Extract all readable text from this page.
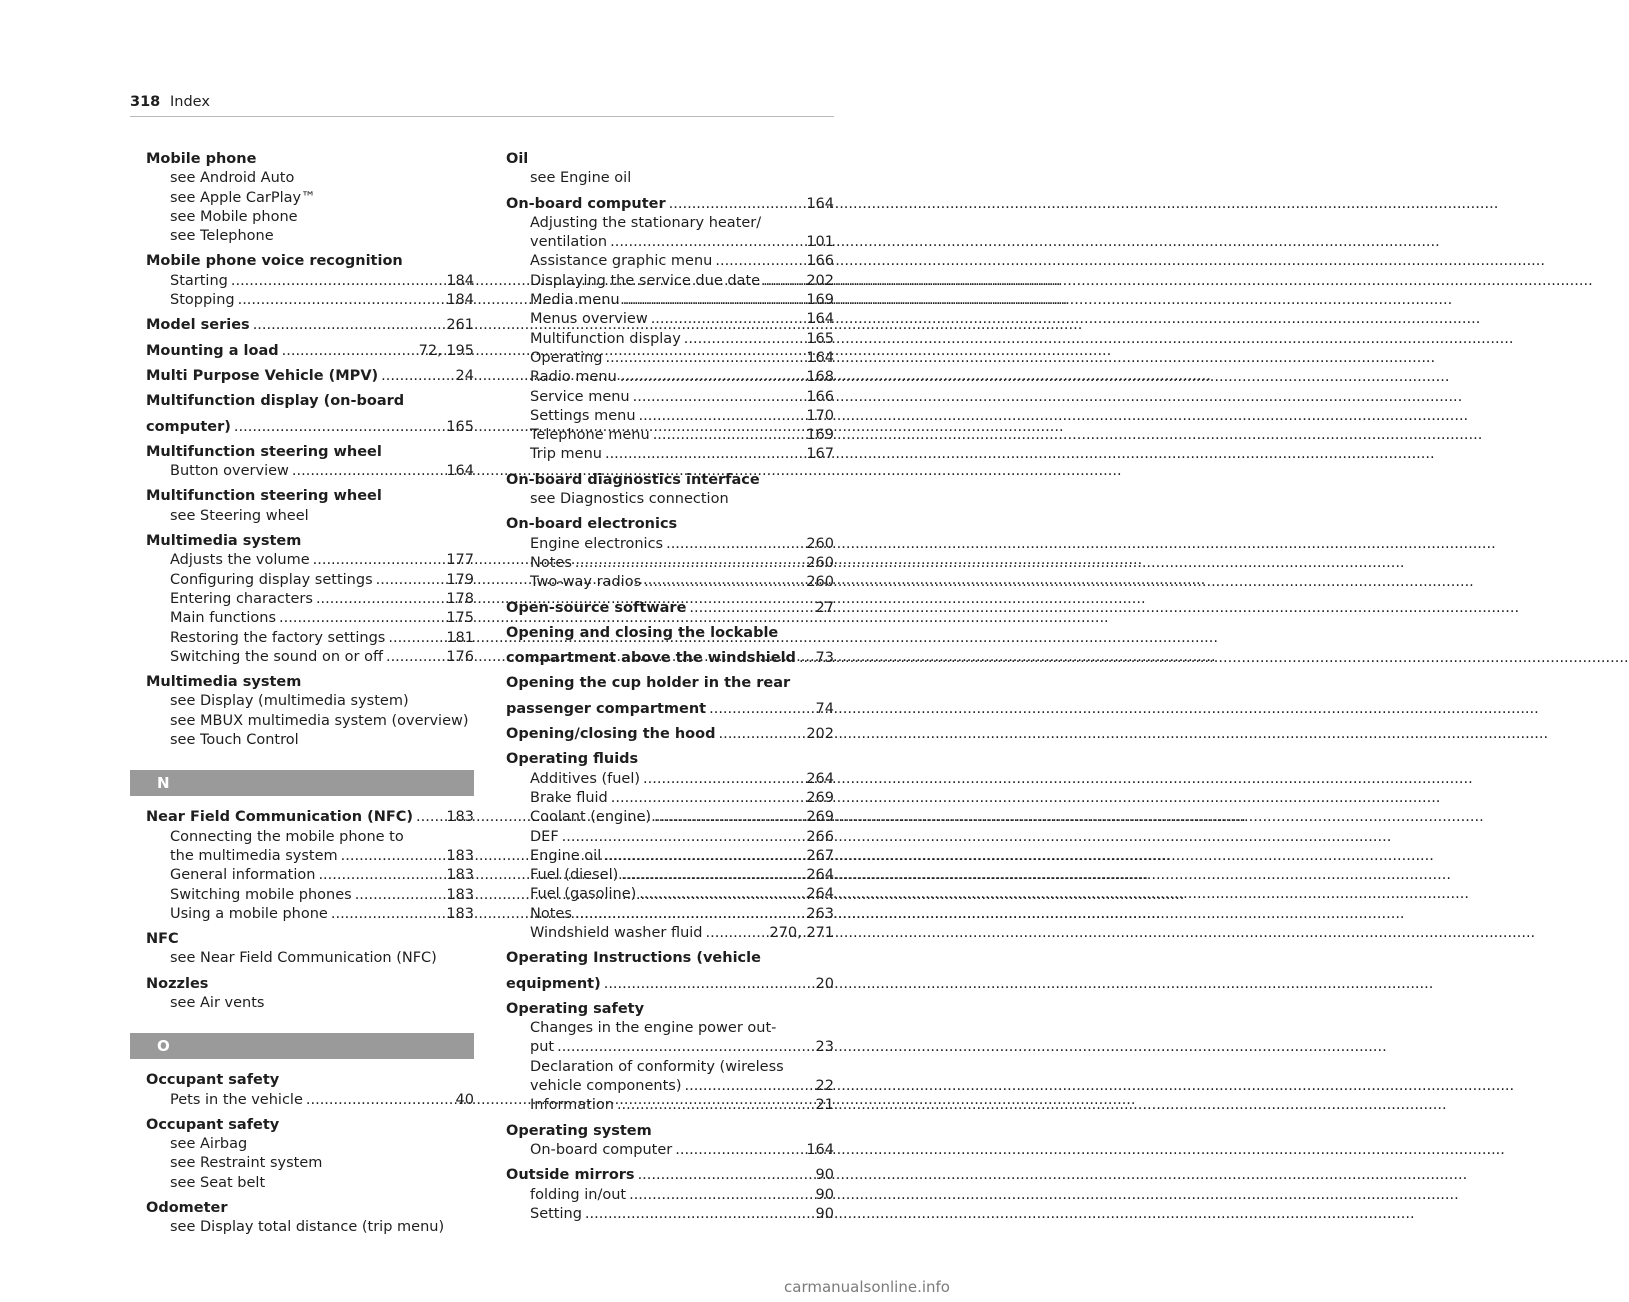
318 Index
Mobile phone
see Android Auto
see Apple CarPlay™
see Mobile phone
see Telephone
Mobile phone voice recognition
Starting .....	184
Stopping .....	184
Model series .....	261
Mounting a load .....	72, 195
Multi Purpose Vehicle (MPV) .....	24
Multifunction display (on-board
computer) .....	165
Multifunction steering wheel
Button overview .....	164
Multifunction steering wheel
see Steering wheel
Multimedia system
Adjusts the volume .....	177
Configuring display settings .....	179
Entering characters .....	178
Main functions .....	175
Restoring the factory settings .....	181
Switching the sound on or off .....	176
Multimedia system
see Display (multimedia system)
see MBUX multimedia system (overview)
see Touch Control
N
Near Field Communication (NFC) ..... 183
Connecting the mobile phone to
the multimedia system .....	183
General information .....	183
Switching mobile phones .....	183
Using a mobile phone .....	183
NFC
see Near Field Communication (NFC)
Nozzles
see Air vents
O
Occupant safety
Pets in the vehicle .....	40
Occupant safety
see Airbag
see Restraint system
see Seat belt
Odometer
see Display total distance (trip menu)
Oil
see Engine oil
On-board computer .....	164
Adjusting the stationary heater/
ventilation .....	101
Assistance graphic menu .....	166
Displaying the service due date .....	202
Media menu .....	169
Menus overview .....	164
Multifunction display .....	165
Operating .....	164
Radio menu .....	168
Service menu .....	166
Settings menu .....	170
Telephone menu .....	169
Trip menu .....	167
On-board diagnostics interface
see Diagnostics connection
On-board electronics
Engine electronics .....	260
Notes .....	260
Two-way radios .....	260
Open-source software .....	27
Opening and closing the lockable
compartment above the windshield ..... 73
Opening the cup holder in the rear
passenger compartment .....	74
Opening/closing the hood .....	202
Operating fluids
Additives (fuel) .....	264
Brake fluid .....	269
Coolant (engine) .....	269
DEF .....	266
Engine oil .....	267
Fuel (diesel) .....	264
Fuel (gasoline) .....	264
Notes .....	263
Windshield washer fluid .....	270, 271
Operating Instructions (vehicle
equipment) .....	20
Operating safety
Changes in the engine power out-
put .....	23
Declaration of conformity (wireless
vehicle components) .....	22
Information .....	21
Operating system
On-board computer .....	164
Outside mirrors .....	90
folding in/out .....	90
Setting .....	90
carmanualsonline.info
